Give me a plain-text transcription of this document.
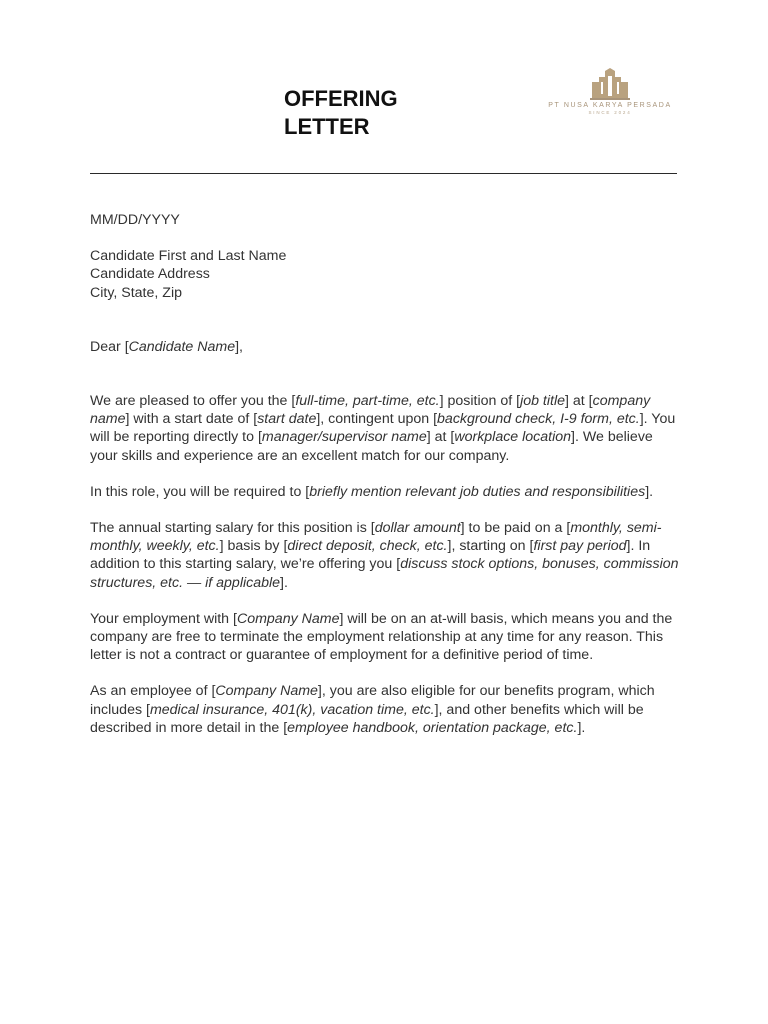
OFFERING
LETTER
PT NUSA KARYA PERSADA
SINCE 2024

MM/DD/YYYY

Candidate First and Last Name

Candidate Address

City, State, Zip

Dear [Candidate Name],

We are pleased to offer you the [full-time, part-time, etc.] position of [job title] at [company name] with a start date of [start date], contingent upon [background check, I-9 form, etc.]. You will be reporting directly to [manager/supervisor name] at [workplace location]. We believe your skills and experience are an excellent match for our company.

In this role, you will be required to [briefly mention relevant job duties and responsibilities].

The annual starting salary for this position is [dollar amount] to be paid on a [monthly, semi-monthly, weekly, etc.] basis by [direct deposit, check, etc.], starting on [first pay period]. In addition to this starting salary, we’re offering you [discuss stock options, bonuses, commission structures, etc. — if applicable].

Your employment with [Company Name] will be on an at-will basis, which means you and the company are free to terminate the employment relationship at any time for any reason. This letter is not a contract or guarantee of employment for a definitive period of time.

As an employee of [Company Name], you are also eligible for our benefits program, which includes [medical insurance, 401(k), vacation time, etc.], and other benefits which will be described in more detail in the [employee handbook, orientation package, etc.].
